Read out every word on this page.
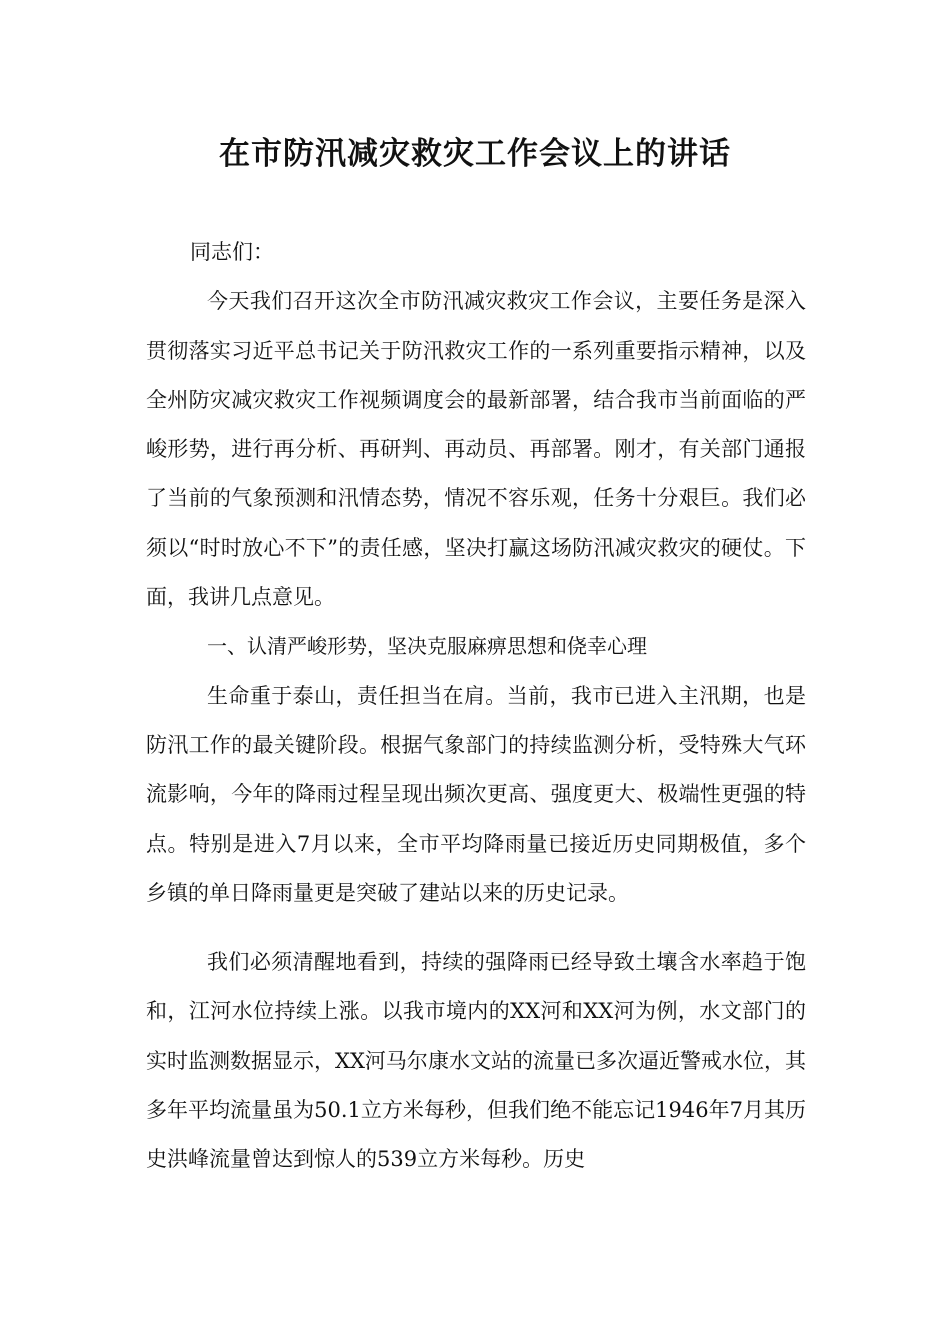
在市防汛减灾救灾工作会议上的讲话

同志们：

今天我们召开这次全市防汛减灾救灾工作会议，主要任务是深入贯彻落实习近平总书记关于防汛救灾工作的一系列重要指示精神，以及全州防灾减灾救灾工作视频调度会的最新部署，结合我市当前面临的严峻形势，进行再分析、再研判、再动员、再部署。刚才，有关部门通报了当前的气象预测和汛情态势，情况不容乐观，任务十分艰巨。我们必须以“时时放心不下”的责任感，坚决打赢这场防汛减灾救灾的硬仗。下面，我讲几点意见。

一、认清严峻形势，坚决克服麻痹思想和侥幸心理

生命重于泰山，责任担当在肩。当前，我市已进入主汛期，也是防汛工作的最关键阶段。根据气象部门的持续监测分析，受特殊大气环流影响，今年的降雨过程呈现出频次更高、强度更大、极端性更强的特点。特别是进入7月以来，全市平均降雨量已接近历史同期极值，多个乡镇的单日降雨量更是突破了建站以来的历史记录。

我们必须清醒地看到，持续的强降雨已经导致土壤含水率趋于饱和，江河水位持续上涨。以我市境内的XX河和XX河为例，水文部门的实时监测数据显示，XX河马尔康水文站的流量已多次逼近警戒水位，其多年平均流量虽为50.1立方米每秒，但我们绝不能忘记1946年7月其历史洪峰流量曾达到惊人的539立方米每秒。历史
